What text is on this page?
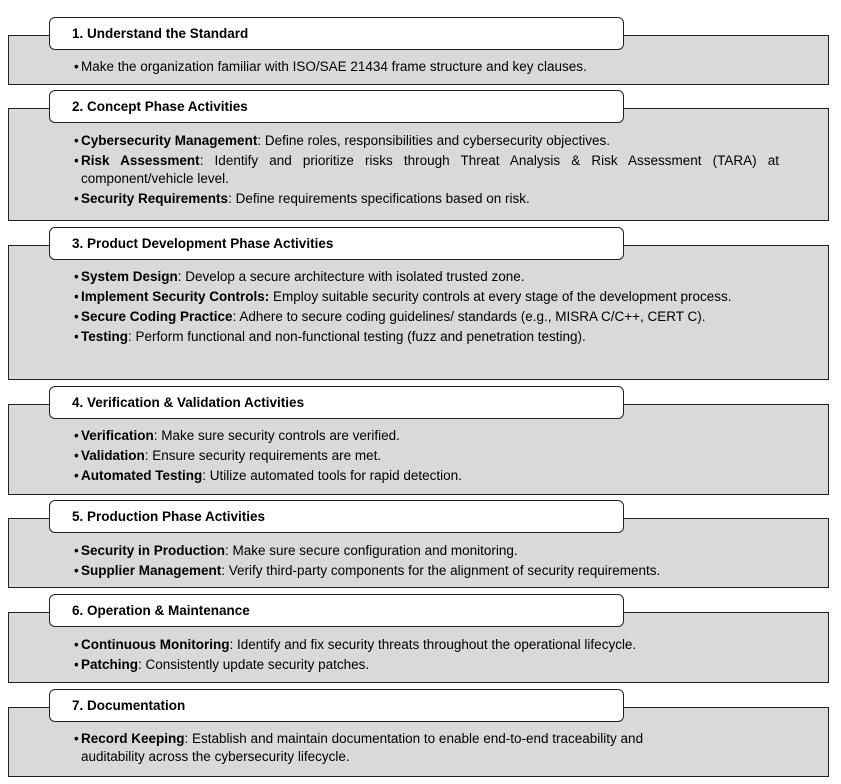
1. Understand the Standard
• Make the organization familiar with ISO/SAE 21434 frame structure and key clauses.
2. Concept Phase Activities
• Cybersecurity Management: Define roles, responsibilities and cybersecurity objectives.
• Risk Assessment: Identify and prioritize risks through Threat Analysis & Risk Assessment (TARA) at component/vehicle level.
• Security Requirements: Define requirements specifications based on risk.
3. Product Development Phase Activities
• System Design: Develop a secure architecture with isolated trusted zone.
• Implement Security Controls: Employ suitable security controls at every stage of the development process.
• Secure Coding Practice: Adhere to secure coding guidelines/ standards (e.g., MISRA C/C++, CERT C).
• Testing: Perform functional and non-functional testing (fuzz and penetration testing).
4. Verification & Validation Activities
• Verification: Make sure security controls are verified.
• Validation: Ensure security requirements are met.
• Automated Testing: Utilize automated tools for rapid detection.
5. Production Phase Activities
• Security in Production: Make sure secure configuration and monitoring.
• Supplier Management: Verify third-party components for the alignment of security requirements.
6. Operation & Maintenance
• Continuous Monitoring: Identify and fix security threats throughout the operational lifecycle.
• Patching: Consistently update security patches.
7. Documentation
• Record Keeping: Establish and maintain documentation to enable end-to-end traceability and auditability across the cybersecurity lifecycle.
